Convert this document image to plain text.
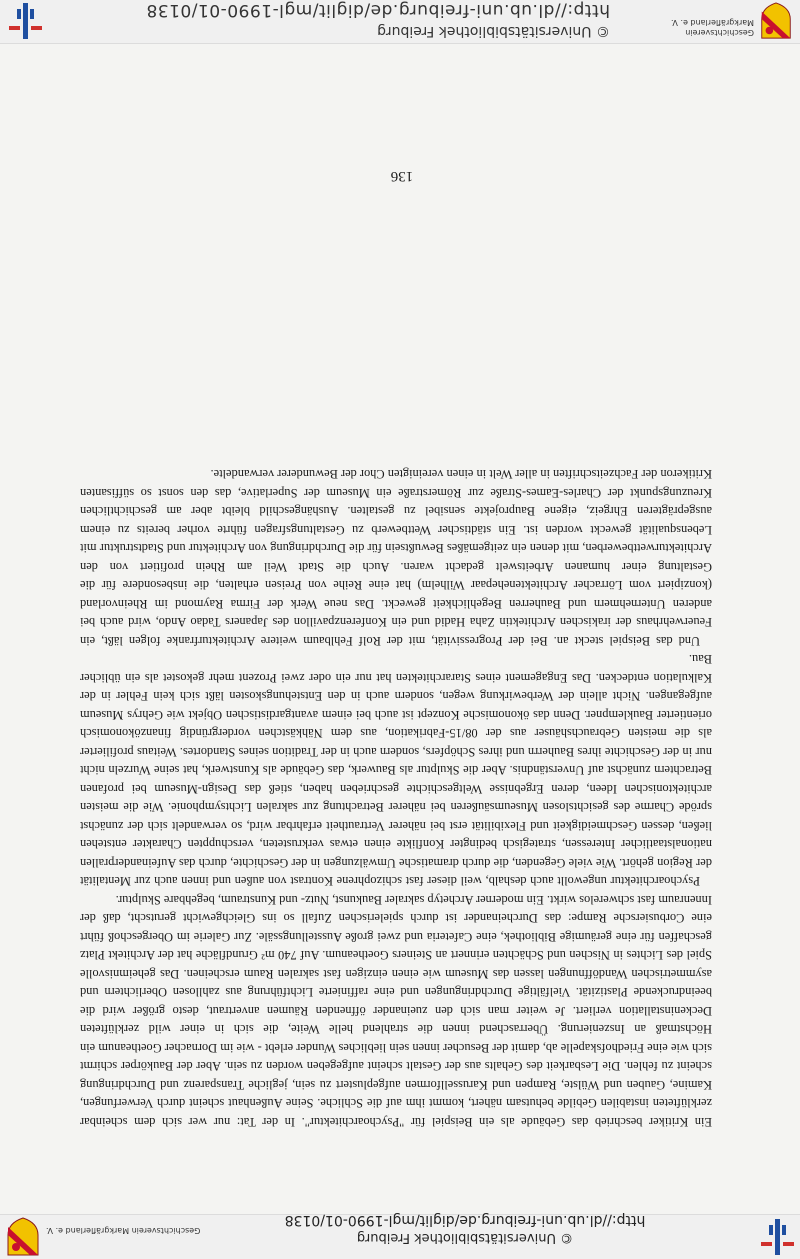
© Universitätsbibliothek Freiburg
http://dl.ub.uni-freiburg.de/diglit/mgl-1990-01/0138
Geschichtsverein Markgräflerland e. V.

Ein Kritiker beschrieb das Gebäude als ein Beispiel für "Psychoarchitektur". In der Tat: nur wer sich dem scheinbar zerklüfteten instabilen Gebilde behutsam nähert, kommt ihm auf die Schliche. Seine Außenhaut scheint durch Verwerfungen, Kamine, Gauben und Wülste, Rampen und Karussellformen aufgeplustert zu sein, jegliche Transparenz und Durchdringung scheint zu fehlen. Die Lesbarkeit des Gehalts aus der Gestalt scheint aufgegeben worden zu sein. Aber der Baukörper schirmt sich wie eine Friedhofskapelle ab, damit der Besucher innen sein liebliches Wunder erlebt - wie im Dornacher Goetheanum ein Höchstmaß an Inszenierung. Überraschend innen die strahlend helle Weite, die sich in einer wild zerklüfteten Deckeninstallation verliert. Je weiter man sich den zueinander öffnenden Räumen anvertraut, desto größer wird die beeindruckende Plastizität. Vielfältige Durchdringungen und eine raffinierte Lichtführung aus zahllosen Oberlichtern und asymmetrischen Wandöffnungen lassen das Museum wie einen einzigen fast sakralen Raum erscheinen. Das geheimnisvolle Spiel des Lichtes in Nischen und Schächten erinnert an Steiners Goetheanum. Auf 740 m² Grundfläche hat der Architekt Platz geschaffen für eine geräumige Bibliothek, eine Cafeteria und zwei große Ausstellungssäle. Zur Galerie im Obergeschoß führt eine Corbusiersche Rampe: das Durcheinander ist durch spielerischen Zufall so ins Gleichgewicht gerutscht, daß der Innenraum fast schwerelos wirkt. Ein moderner Archetyp sakraler Baukunst, Nutz- und Kunstraum, begehbare Skulptur.

Psychoarchitektur ungewollt auch deshalb, weil dieser fast schizophrene Kontrast von außen und innen auch zur Mentalität der Region gehört. Wie viele Gegenden, die durch dramatische Umwälzungen in der Geschichte, durch das Aufeinanderprallen nationalstaatlicher Interessen, strategisch bedingter Konflikte einen etwas verkrusteten, verschuppten Charakter entstehen ließen, dessen Geschmeidigkeit und Flexibilität erst bei näherer Vertrautheit erfahrbar wird, so verwandelt sich der zunächst spröde Charme des gesichtslosen Museumsäußeren bei näherer Betrachtung zur sakralen Lichtsymphonie. Wie die meisten architektonischen Ideen, deren Ergebnisse Weltgeschichte geschrieben haben, stieß das Design-Museum bei profanen Betrachtern zunächst auf Unverständnis. Aber die Skulptur als Bauwerk, das Gebäude als Kunstwerk, hat seine Wurzeln nicht nur in der Geschichte ihres Bauherrn und ihres Schöpfers, sondern auch in der Tradition seines Standortes. Weitaus profilierter als die meisten Gebrauchshäuser aus der 08/15-Fabrikation, aus dem Nähkästchen vordergründig finanzökonomisch orientierter Bauklempner. Denn das ökonomische Konzept ist auch bei einem avantgardistischen Objekt wie Gehrys Museum aufgegangen. Nicht allein der Werbewirkung wegen, sondern auch in den Entstehungskosten läßt sich kein Fehler in der Kalkulation entdecken. Das Engagement eines Stararchitekten hat nur ein oder zwei Prozent mehr gekostet als ein üblicher Bau.

Und das Beispiel steckt an. Bei der Progressivität, mit der Rolf Fehlbaum weitere Architekturfranke folgen läßt, ein Feuerwehrhaus der irakischen Architektin Zaha Hadid und ein Konferenzpavillon des Japaners Tadao Ando, wird auch bei anderen Unternehmern und Bauherren Begehlichkeit geweckt. Das neue Werk der Firma Raymond im Rheinvorland (konzipiert vom Lörracher Architektenehepaar Wilhelm) hat eine Reihe von Preisen erhalten, die insbesondere für die Gestaltung einer humanen Arbeitswelt gedacht waren. Auch die Stadt Weil am Rhein profitiert von den Architekturwettbewerben, mit denen ein zeitgemäßes Bewußtsein für die Durchdringung von Architektur und Stadtstruktur mit Lebensqualität geweckt worden ist. Ein städtischer Wettbewerb zu Gestaltungsfragen führte vorher bereits zu einem ausgeprägteren Ehrgeiz, eigene Bauprojekte sensibel zu gestalten. Aushängeschild bleibt aber am geschichtlichen Kreuzungspunkt der Charles-Eames-Straße zur Römerstraße ein Museum der Superlative, das den sonst so süffisanten Kritikeron der Fachzeitschriften in aller Welt in einen vereinigten Chor der Bewunderer verwandelte.

136
Geschichtsverein
Markgräflerland e. V.
© Universitätsbibliothek Freiburg
http://dl.ub.uni-freiburg.de/diglit/mgl-1990-01/0138
